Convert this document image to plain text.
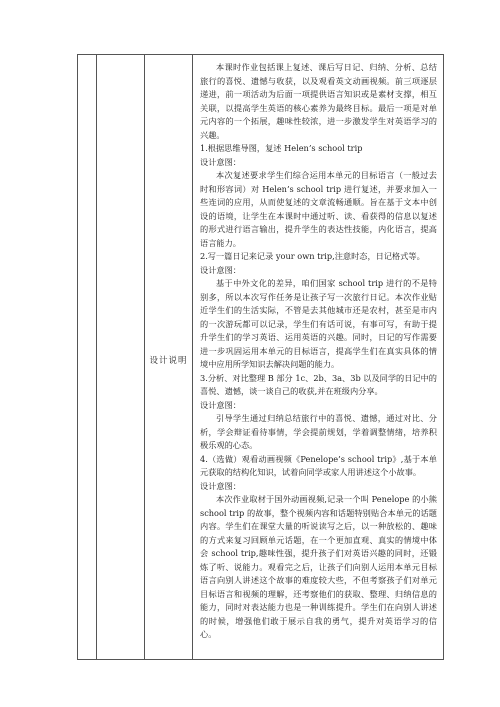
		设计说明	

本课时作业包括课上复述、课后写日记、归纳、分析、总结旅行的喜悦、遗憾与收获，以及观看英文动画视频。前三项逐层递进，前一项活动为后面一项提供语言知识或是素材支撑，相互关联，以提高学生英语的核心素养为最终目标。最后一项是对单元内容的一个拓展，趣味性较浓，进一步激发学生对英语学习的兴趣。

1.根据思维导图，复述 Helen’s school trip

设计意图：

本次复述要求学生们综合运用本单元的目标语言（一般过去时和形容词）对 Helen’s school trip 进行复述，并要求加入一些连词的应用，从而使复述的文章流畅通顺。旨在基于文本中创设的语境，让学生在本课时中通过听、读、看获得的信息以复述的形式进行语言输出，提升学生的表达性技能，内化语言，提高语言能力。

2.写一篇日记来记录 your own trip,注意时态，日记格式等。

设计意图：

基于中外文化的差异，咱们国家 school trip 进行的不是特别多，所以本次写作任务是让孩子写一次旅行日记。本次作业贴近学生们的生活实际，不管是去其他城市还是农村，甚至是市内的一次游玩都可以记录，学生们有话可说，有事可写，有助于提升学生们的学习英语、运用英语的兴趣。同时，日记的写作需要进一步巩固运用本单元的目标语言，提高学生们在真实具体的情境中应用所学知识去解决问题的能力。

3.分析、对比整理 B 部分 1c、2b、3a、3b 以及同学的日记中的喜悦、遗憾，谈一谈自己的收获,并在班级内分享。

设计意图：

引导学生通过归纳总结旅行中的喜悦、遗憾，通过对比、分析，学会辩证看待事情，学会提前规划，学着调整情绪，培养积极乐观的心态。

4.（选做）观看动画视频《Penelope’s school trip》,基于本单元获取的结构化知识，试着向同学或家人用讲述这个小故事。

设计意图：

本次作业取材于国外动画视频,记录一个叫 Penelope 的小熊 school trip 的故事，整个视频内容和话题特别贴合本单元的话题内容。学生们在课堂大量的听说读写之后，以一种放松的、趣味的方式来复习回顾单元话题，在一个更加直观、真实的情境中体会 school trip,趣味性强，提升孩子们对英语兴趣的同时，还锻炼了听、说能力。观看完之后，让孩子们向别人运用本单元目标语言向别人讲述这个故事的难度较大些，不但考察孩子们对单元目标语言和视频的理解，还考察他们的获取、整理、归纳信息的能力，同时对表达能力也是一种训练提升。学生们在向别人讲述的时候，增强他们敢于展示自我的勇气，提升对英语学习的信心。
